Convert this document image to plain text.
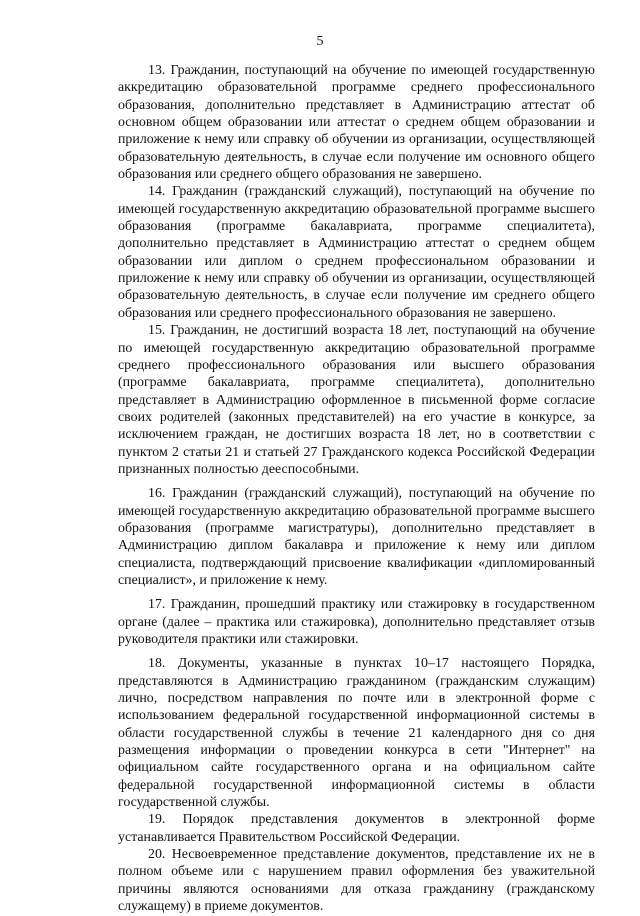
5

13. Гражданин, поступающий на обучение по имеющей государственную аккредитацию образовательной программе среднего профессионального образования, дополнительно представляет в Администрацию аттестат об основном общем образовании или аттестат о среднем общем образовании и приложение к нему или справку об обучении из организации, осуществляющей образовательную деятельность, в случае если получение им основного общего образования или среднего общего образования не завершено.

14. Гражданин (гражданский служащий), поступающий на обучение по имеющей государственную аккредитацию образовательной программе высшего образования (программе бакалавриата, программе специалитета), дополнительно представляет в Администрацию аттестат о среднем общем образовании или диплом о среднем профессиональном образовании и приложение к нему или справку об обучении из организации, осуществляющей образовательную деятельность, в случае если получение им среднего общего образования или среднего профессионального образования не завершено.

15. Гражданин, не достигший возраста 18 лет, поступающий на обучение по имеющей государственную аккредитацию образовательной программе среднего профессионального образования или высшего образования (программе бакалавриата, программе специалитета), дополнительно представляет в Администрацию оформленное в письменной форме согласие своих родителей (законных представителей) на его участие в конкурсе, за исключением граждан, не достигших возраста 18 лет, но в соответствии с пунктом 2 статьи 21 и статьей 27 Гражданского кодекса Российской Федерации признанных полностью дееспособными.

16. Гражданин (гражданский служащий), поступающий на обучение по имеющей государственную аккредитацию образовательной программе высшего образования (программе магистратуры), дополнительно представляет в Администрацию диплом бакалавра и приложение к нему или диплом специалиста, подтверждающий присвоение квалификации «дипломированный специалист», и приложение к нему.

17. Гражданин, прошедший практику или стажировку в государственном органе (далее – практика или стажировка), дополнительно представляет отзыв руководителя практики или стажировки.

18. Документы, указанные в пунктах 10–17 настоящего Порядка, представляются в Администрацию гражданином (гражданским служащим) лично, посредством направления по почте или в электронной форме с использованием федеральной государственной информационной системы в области государственной службы в течение 21 календарного дня со дня размещения информации о проведении конкурса в сети "Интернет" на официальном сайте государственного органа и на официальном сайте федеральной государственной информационной системы в области государственной службы.

19. Порядок представления документов в электронной форме устанавливается Правительством Российской Федерации.

20. Несвоевременное представление документов, представление их не в полном объеме или с нарушением правил оформления без уважительной причины являются основаниями для отказа гражданину (гражданскому служащему) в приеме документов.
